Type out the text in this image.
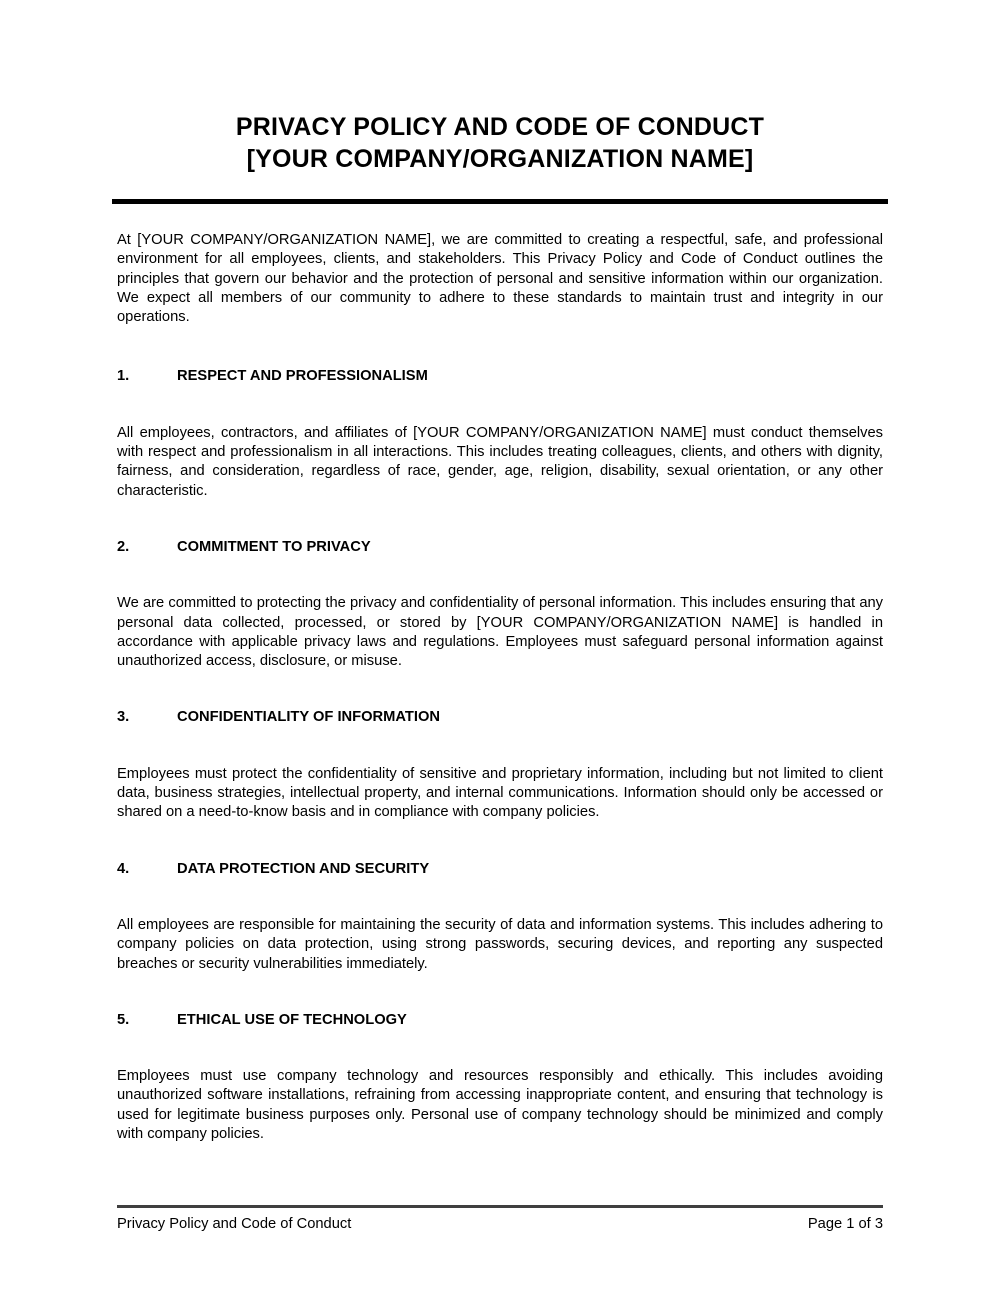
PRIVACY POLICY AND CODE OF CONDUCT
[YOUR COMPANY/ORGANIZATION NAME]

At [YOUR COMPANY/ORGANIZATION NAME], we are committed to creating a respectful, safe, and professional environment for all employees, clients, and stakeholders. This Privacy Policy and Code of Conduct outlines the principles that govern our behavior and the protection of personal and sensitive information within our organization. We expect all members of our community to adhere to these standards to maintain trust and integrity in our operations.

1.	RESPECT AND PROFESSIONALISM

All employees, contractors, and affiliates of [YOUR COMPANY/ORGANIZATION NAME] must conduct themselves with respect and professionalism in all interactions. This includes treating colleagues, clients, and others with dignity, fairness, and consideration, regardless of race, gender, age, religion, disability, sexual orientation, or any other characteristic.

2.	COMMITMENT TO PRIVACY

We are committed to protecting the privacy and confidentiality of personal information. This includes ensuring that any personal data collected, processed, or stored by [YOUR COMPANY/ORGANIZATION NAME] is handled in accordance with applicable privacy laws and regulations. Employees must safeguard personal information against unauthorized access, disclosure, or misuse.

3.	CONFIDENTIALITY OF INFORMATION

Employees must protect the confidentiality of sensitive and proprietary information, including but not limited to client data, business strategies, intellectual property, and internal communications. Information should only be accessed or shared on a need-to-know basis and in compliance with company policies.

4.	DATA PROTECTION AND SECURITY

All employees are responsible for maintaining the security of data and information systems. This includes adhering to company policies on data protection, using strong passwords, securing devices, and reporting any suspected breaches or security vulnerabilities immediately.

5.	ETHICAL USE OF TECHNOLOGY

Employees must use company technology and resources responsibly and ethically. This includes avoiding unauthorized software installations, refraining from accessing inappropriate content, and ensuring that technology is used for legitimate business purposes only. Personal use of company technology should be minimized and comply with company policies.

Privacy Policy and Code of Conduct	Page 1 of 3
